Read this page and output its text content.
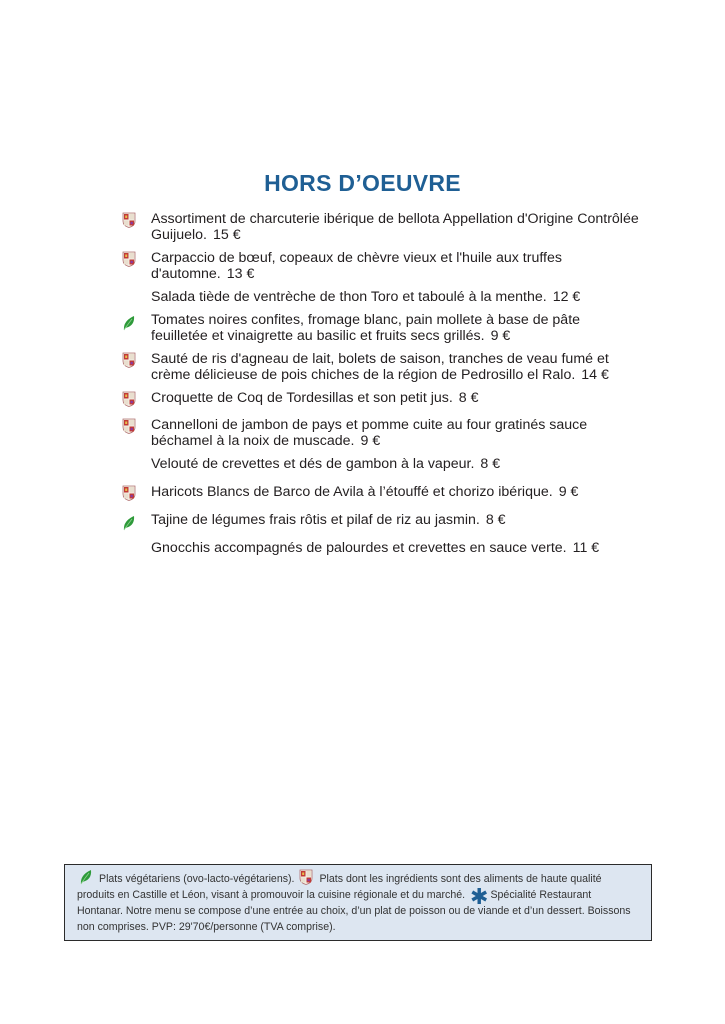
HORS D’OEUVRE
Assortiment de charcuterie ibérique de bellota Appellation d'Origine Contrôlée Guijuelo. 15 €
Carpaccio de bœuf, copeaux de chèvre vieux et l'huile aux truffes d'automne. 13 €
Salada tiède de ventrèche de thon Toro et taboulé à la menthe. 12 €
Tomates noires confites, fromage blanc, pain mollete à base de pâte feuilletée et vinaigrette au basilic et fruits secs grillés. 9 €
Sauté de ris d'agneau de lait, bolets de saison, tranches de veau fumé et crème délicieuse de pois chiches de la région de Pedrosillo el Ralo. 14 €
Croquette de Coq de Tordesillas et son petit jus. 8 €
Cannelloni de jambon de pays et pomme cuite au four gratinés sauce béchamel à la noix de muscade. 9 €
Velouté de crevettes et dés de gambon à la vapeur. 8 €
Haricots Blancs de Barco de Avila à l’étouffé et chorizo ibérique. 9 €
Tajine de légumes frais rôtis et pilaf de riz au jasmin. 8 €
Gnocchis accompagnés de palourdes et crevettes en sauce verte. 11 €
Plats végétariens (ovo-lacto-végétariens). Plats dont les ingrédients sont des aliments de haute qualité produits en Castille et Léon, visant à promouvoir la cuisine régionale et du marché. ✱ Spécialité Restaurant Hontanar. Notre menu se compose d’une entrée au choix, d’un plat de poisson ou de viande et d’un dessert. Boissons non comprises. PVP: 29'70€/personne (TVA comprise).
